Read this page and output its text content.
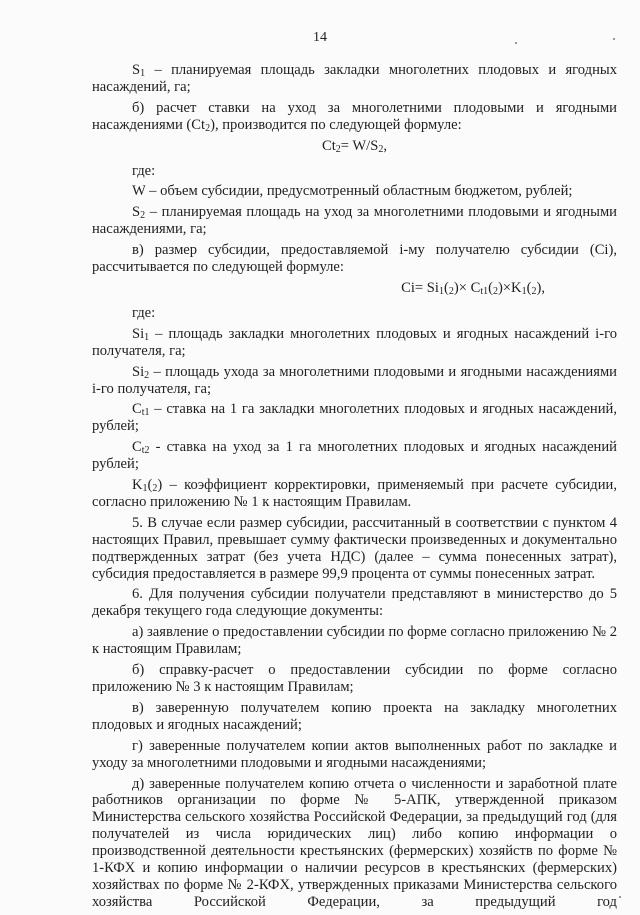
14

$S_1$ – планируемая площадь закладки многолетних плодовых и ягодных насаждений, га;

б) расчет ставки на уход за многолетними плодовыми и ягодными насаждениями $(Ct_2)$, производится по следующей формуле:

$Ct_2= W/S_2$,

где:

W – объем субсидии, предусмотренный областным бюджетом, рублей;

$S_2$ – планируемая площадь на уход за многолетними плодовыми и ягодными насаждениями, га;

в) размер субсидии, предоставляемой i-му получателю субсидии (Ci), рассчитывается по следующей формуле:

$Ci= Si_1(_2)\times C_{t1}(_2)\times K_1(_2)$,

где:

$Si_1$ – площадь закладки многолетних плодовых и ягодных насаждений i-го получателя, га;

$Si_2$ – площадь ухода за многолетними плодовыми и ягодными насаждениями i-го получателя, га;

$C_{t1}$ – ставка на 1 га закладки многолетних плодовых и ягодных насаждений, рублей;

$C_{t2}$ - ставка на уход за 1 га многолетних плодовых и ягодных насаждений рублей;

$K_1(_2)$ – коэффициент корректировки, применяемый при расчете субсидии, согласно приложению № 1 к настоящим Правилам.

5. В случае если размер субсидии, рассчитанный в соответствии с пунктом 4 настоящих Правил, превышает сумму фактически произведенных и документально подтвержденных затрат (без учета НДС) (далее – сумма понесенных затрат), субсидия предоставляется в размере 99,9 процента от суммы понесенных затрат.

6. Для получения субсидии получатели представляют в министерство до 5 декабря текущего года следующие документы:

а) заявление о предоставлении субсидии по форме согласно приложению № 2 к настоящим Правилам;

б) справку-расчет о предоставлении субсидии по форме согласно приложению № 3 к настоящим Правилам;

в) заверенную получателем копию проекта на закладку многолетних плодовых и ягодных насаждений;

г) заверенные получателем копии актов выполненных работ по закладке и уходу за многолетними плодовыми и ягодными насаждениями;

д) заверенные получателем копию отчета о численности и заработной плате работников организации по форме № 5-АПК, утвержденной приказом Министерства сельского хозяйства Российской Федерации, за предыдущий год (для получателей из числа юридических лиц) либо копию информации о производственной деятельности крестьянских (фермерских) хозяйств по форме № 1-КФХ и копию информации о наличии ресурсов в крестьянских (фермерских) хозяйствах по форме № 2-КФХ, утвержденных приказами Министерства сельского хозяйства Российской Федерации, за предыдущий год
